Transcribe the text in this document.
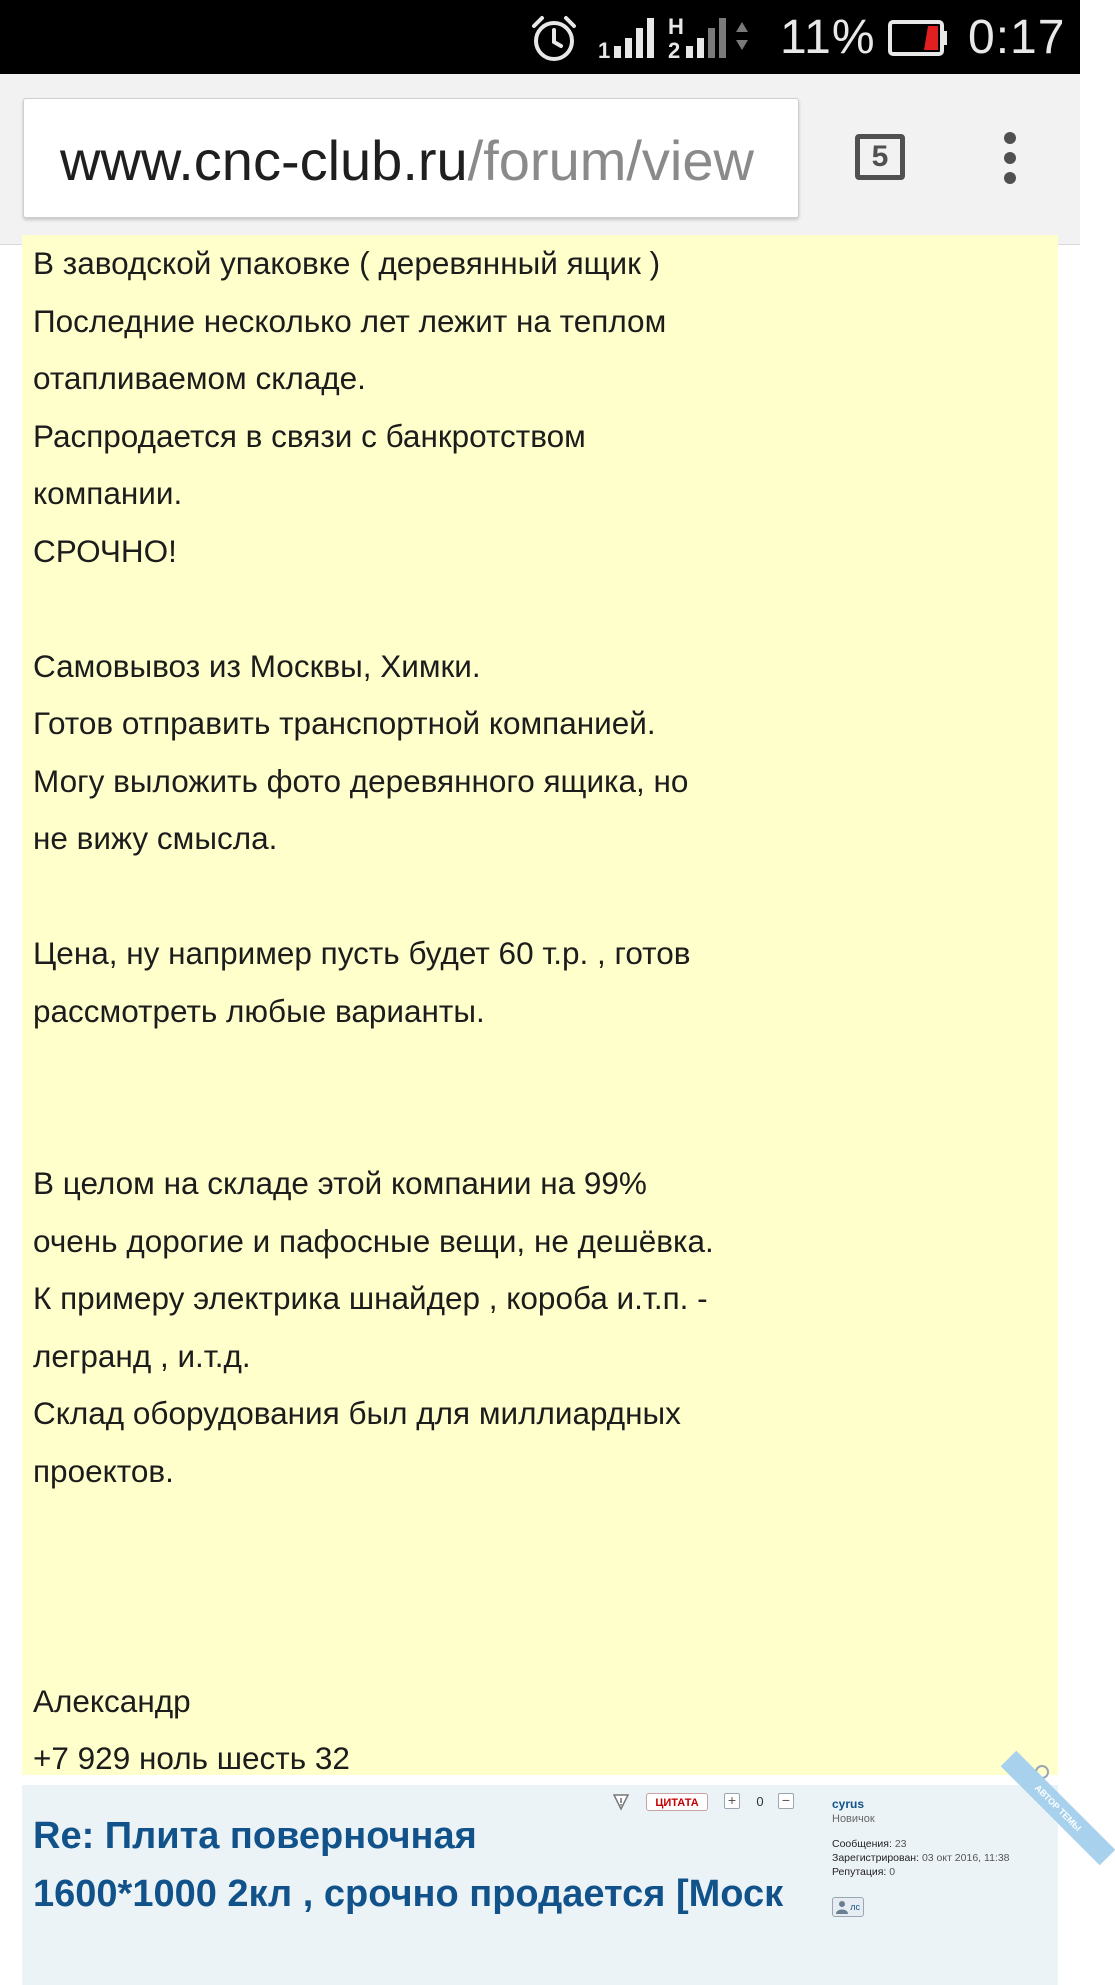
1
H
2 11% 0:17
www.cnc-club.ru/forum/view	5
В заводской упаковке ( деревянный ящик )
Последние несколько лет лежит на теплом
отапливаемом складе.
Распродается в связи с банкротством
компании.
СРОЧНО!
Самовывоз из Москвы, Химки.
Готов отправить транспортной компанией.
Могу выложить фото деревянного ящика, но
не вижу смысла.
Цена, ну например пусть будет 60 т.р. , готов
рассмотреть любые варианты.
В целом на складе этой компании на 99%
очень дорогие и пафосные вещи, не дешёвка.
К примеру электрика шнайдер , короба и.т.п. -
легранд , и.т.д.
Склад оборудования был для миллиардных
проектов.
Александр
+7 929 ноль шесть 32
Re: Плита поверночная
1600*1000 2кл , срочно продается [Моск
ЦИТАТА	+	0	−	cyrus
Новичок
Сообщения: 23
Зарегистрирован: 03 окт 2016, 11:38
Репутация: 0
лс
АВТОР ТЕМЫ
